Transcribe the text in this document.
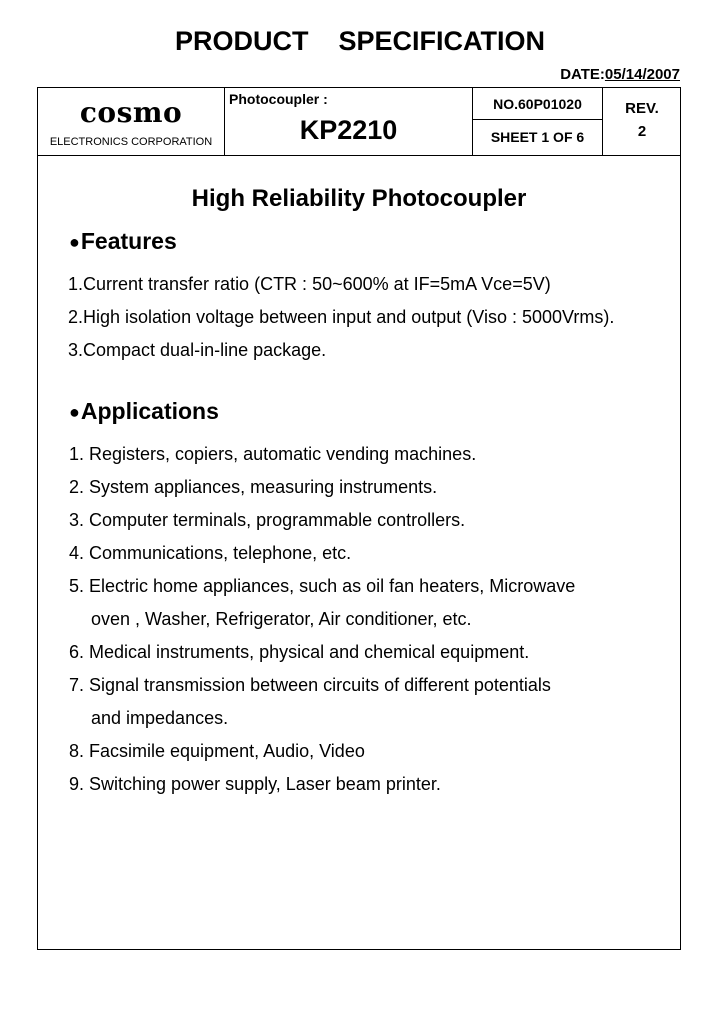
PRODUCT    SPECIFICATION
DATE:05/14/2007
cosmo
ELECTRONICS CORPORATION
Photocoupler :
KP2210
NO.60P01020
SHEET 1 OF 6
REV.
2
High Reliability Photocoupler
●Features
1.Current transfer ratio (CTR : 50~600% at IF=5mA Vce=5V)
2.High isolation voltage between input and output (Viso : 5000Vrms).
3.Compact dual-in-line package.
●Applications
1. Registers, copiers, automatic vending machines.
2. System appliances, measuring instruments.
3. Computer terminals, programmable controllers.
4. Communications, telephone, etc.
5. Electric home appliances, such as oil fan heaters, Microwave
oven , Washer, Refrigerator, Air conditioner, etc.
6. Medical instruments, physical and chemical equipment.
7. Signal transmission between circuits of different potentials
and impedances.
8. Facsimile equipment, Audio, Video
9. Switching power supply, Laser beam printer.
